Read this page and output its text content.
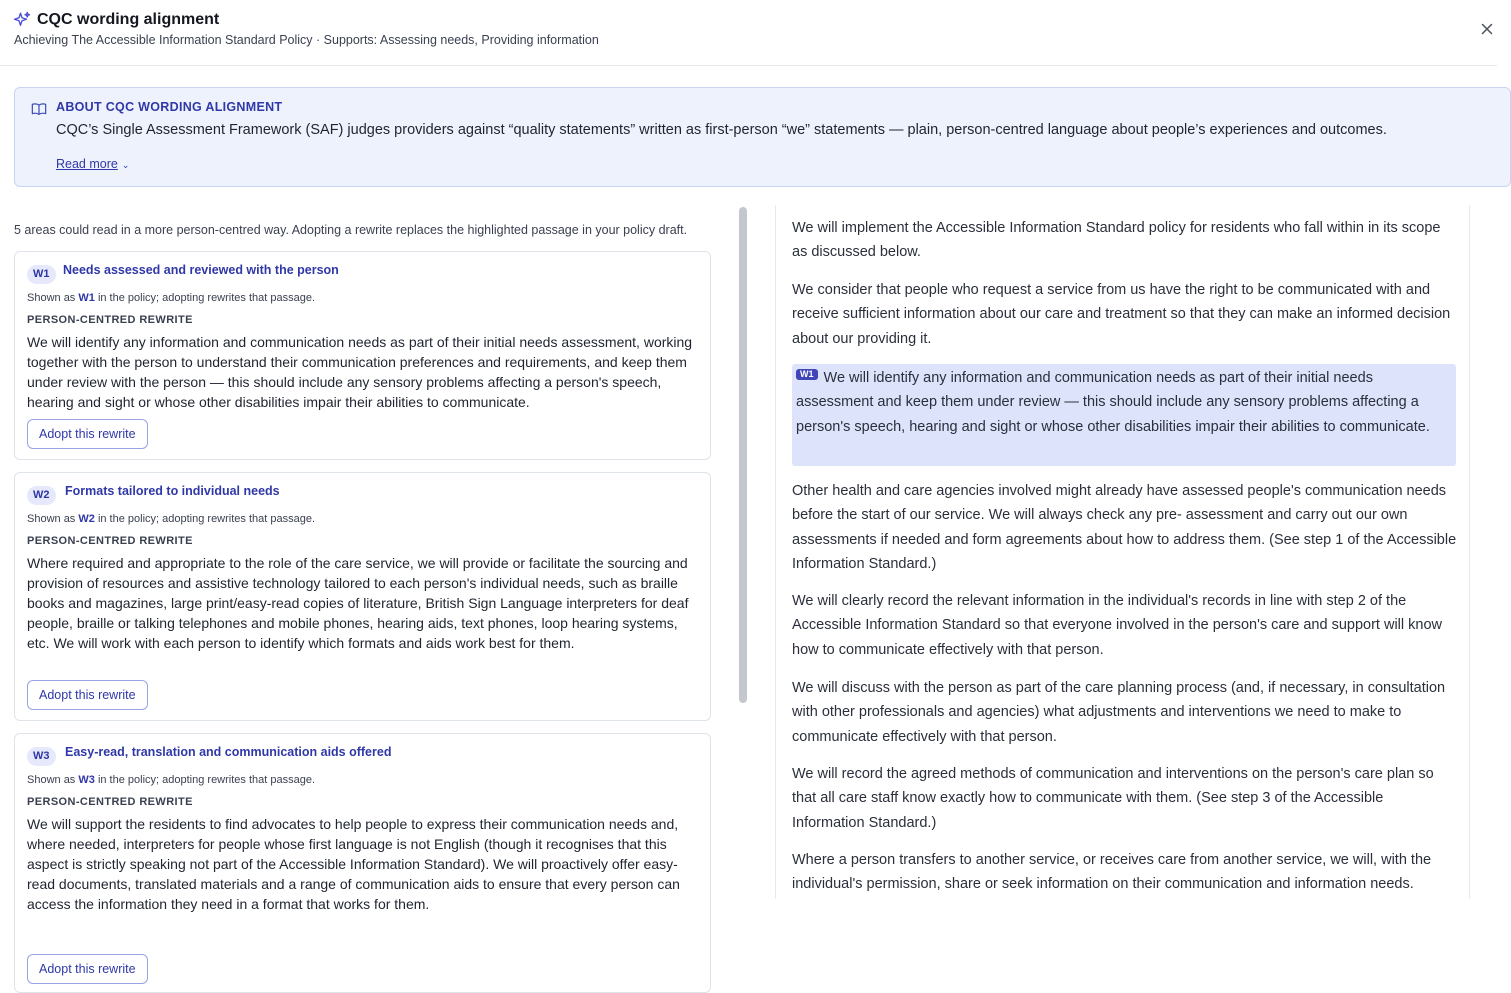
CQC wording alignment
Achieving The Accessible Information Standard Policy · Supports: Assessing needs, Providing information
ABOUT CQC WORDING ALIGNMENT
CQC’s Single Assessment Framework (SAF) judges providers against “quality statements” written as first-person “we” statements — plain, person-centred language about people’s experiences and outcomes.
Read more ⌄
5 areas could read in a more person-centred way. Adopting a rewrite replaces the highlighted passage in your policy draft.
W1	Needs assessed and reviewed with the person
Shown as W1 in the policy; adopting rewrites that passage.
PERSON-CENTRED REWRITE
We will identify any information and communication needs as part of their initial needs assessment, working together with the person to understand their communication preferences and requirements, and keep them under review with the person — this should include any sensory problems affecting a person's speech, hearing and sight or whose other disabilities impair their abilities to communicate.
Adopt this rewrite
W2	Formats tailored to individual needs
Shown as W2 in the policy; adopting rewrites that passage.
PERSON-CENTRED REWRITE
Where required and appropriate to the role of the care service, we will provide or facilitate the sourcing and provision of resources and assistive technology tailored to each person's individual needs, such as braille books and magazines, large print/easy-read copies of literature, British Sign Language interpreters for deaf people, braille or talking telephones and mobile phones, hearing aids, text phones, loop hearing systems, etc. We will work with each person to identify which formats and aids work best for them.
Adopt this rewrite
W3	Easy-read, translation and communication aids offered
Shown as W3 in the policy; adopting rewrites that passage.
PERSON-CENTRED REWRITE
We will support the residents to find advocates to help people to express their communication needs and, where needed, interpreters for people whose first language is not English (though it recognises that this aspect is strictly speaking not part of the Accessible Information Standard). We will proactively offer easy-read documents, translated materials and a range of communication aids to ensure that every person can access the information they need in a format that works for them.
Adopt this rewrite
We will implement the Accessible Information Standard policy for residents who fall within in its scope as discussed below.
We consider that people who request a service from us have the right to be communicated with and receive sufficient information about our care and treatment so that they can make an informed decision about our providing it.
W1 We will identify any information and communication needs as part of their initial needs assessment and keep them under review — this should include any sensory problems affecting a person's speech, hearing and sight or whose other disabilities impair their abilities to communicate.
Other health and care agencies involved might already have assessed people's communication needs before the start of our service. We will always check any pre- assessment and carry out our own assessments if needed and form agreements about how to address them. (See step 1 of the Accessible Information Standard.)
We will clearly record the relevant information in the individual's records in line with step 2 of the Accessible Information Standard so that everyone involved in the person's care and support will know how to communicate effectively with that person.
We will discuss with the person as part of the care planning process (and, if necessary, in consultation with other professionals and agencies) what adjustments and interventions we need to make to communicate effectively with that person.
We will record the agreed methods of communication and interventions on the person's care plan so that all care staff know exactly how to communicate with them. (See step 3 of the Accessible Information Standard.)
Where a person transfers to another service, or receives care from another service, we will, with the individual's permission, share or seek information on their communication and information needs.
